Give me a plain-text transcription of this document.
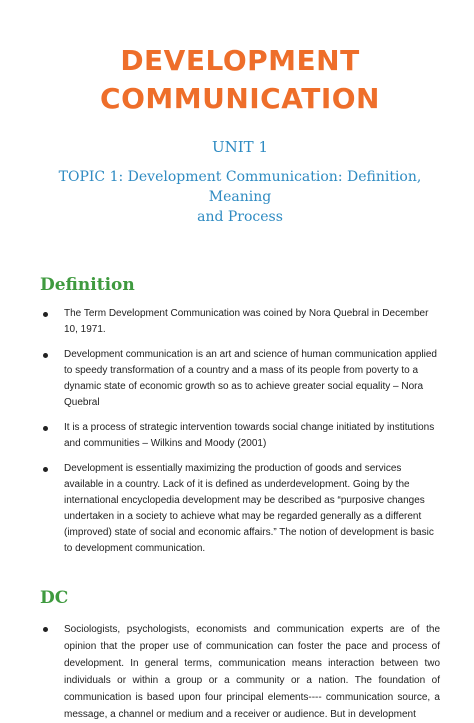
DEVELOPMENT
COMMUNICATION
UNIT 1
TOPIC 1: Development Communication: Definition, Meaning
and Process
Definition
The Term Development Communication was coined by Nora Quebral in December 10, 1971.
Development communication is an art and science of human communication applied to speedy transformation of a country and a mass of its people from poverty to a dynamic state of economic growth so as to achieve greater social equality – Nora Quebral
It is a process of strategic intervention towards social change initiated by institutions and communities – Wilkins and Moody (2001)
Development is essentially maximizing the production of goods and services available in a country. Lack of it is defined as underdevelopment. Going by the international encyclopedia development may be described as “purposive changes undertaken in a society to achieve what may be regarded generally as a different (improved) state of social and economic affairs.” The notion of development is basic to development communication.
DC
Sociologists, psychologists, economists and communication experts are of the opinion that the proper use of communication can foster the pace and process of development. In general terms, communication means interaction between two individuals or within a group or a community or a nation. The foundation of communication is based upon four principal elements---- communication source, a message, a channel or medium and a receiver or audience. But in development
